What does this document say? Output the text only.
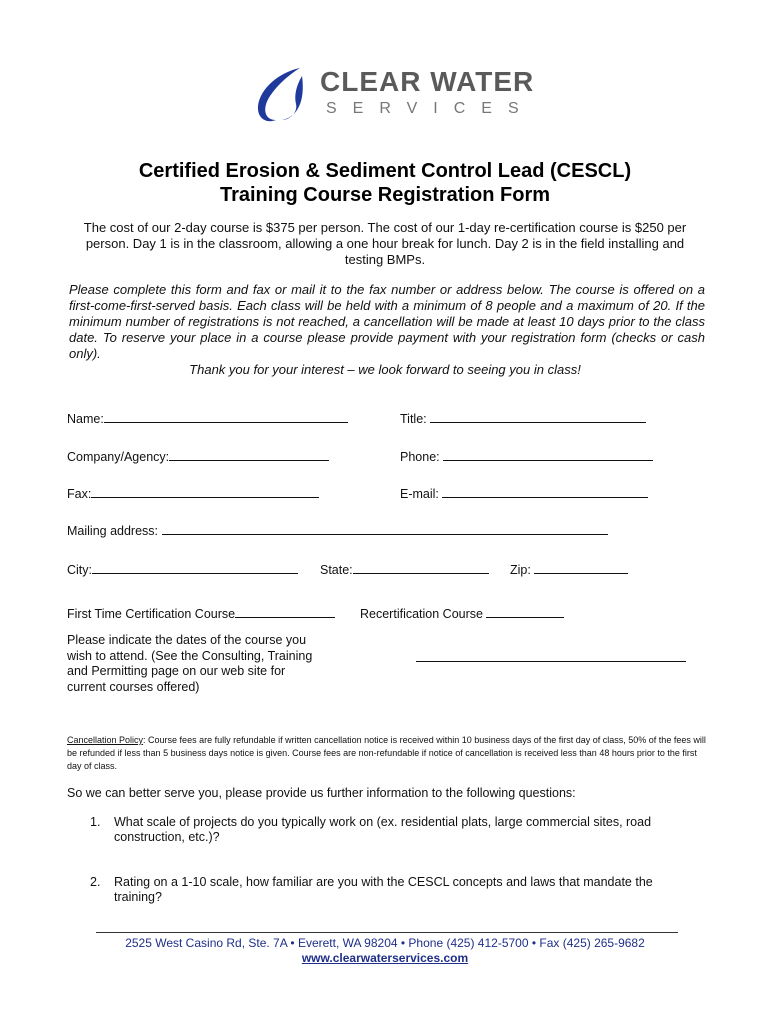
CLEAR WATER
SERVICES
Certified Erosion & Sediment Control Lead (CESCL)
Training Course Registration Form
The cost of our 2-day course is $375 per person. The cost of our 1-day re-certification course is $250 per person. Day 1 is in the classroom, allowing a one hour break for lunch. Day 2 is in the field installing and testing BMPs.
Please complete this form and fax or mail it to the fax number or address below. The course is offered on a first-come-first-served basis. Each class will be held with a minimum of 8 people and a maximum of 20. If the minimum number of registrations is not reached, a cancellation will be made at least 10 days prior to the class date. To reserve your place in a course please provide payment with your registration form (checks or cash only).
Thank you for your interest – we look forward to seeing you in class!
Name:	Title:
Company/Agency:	Phone:
Fax:	E-mail:
Mailing address:
City:	State:	Zip:
First Time Certification Course	Recertification Course
Please indicate the dates of the course you wish to attend. (See the Consulting, Training and Permitting page on our web site for current courses offered)
Cancellation Policy: Course fees are fully refundable if written cancellation notice is received within 10 business days of the first day of class, 50% of the fees will be refunded if less than 5 business days notice is given. Course fees are non-refundable if notice of cancellation is received less than 48 hours prior to the first day of class.
So we can better serve you, please provide us further information to the following questions:
1.	What scale of projects do you typically work on (ex. residential plats, large commercial sites, road construction, etc.)?
2.	Rating on a 1-10 scale, how familiar are you with the CESCL concepts and laws that mandate the training?
2525 West Casino Rd, Ste. 7A • Everett, WA 98204 • Phone (425) 412-5700 • Fax (425) 265-9682
www.clearwaterservices.com
